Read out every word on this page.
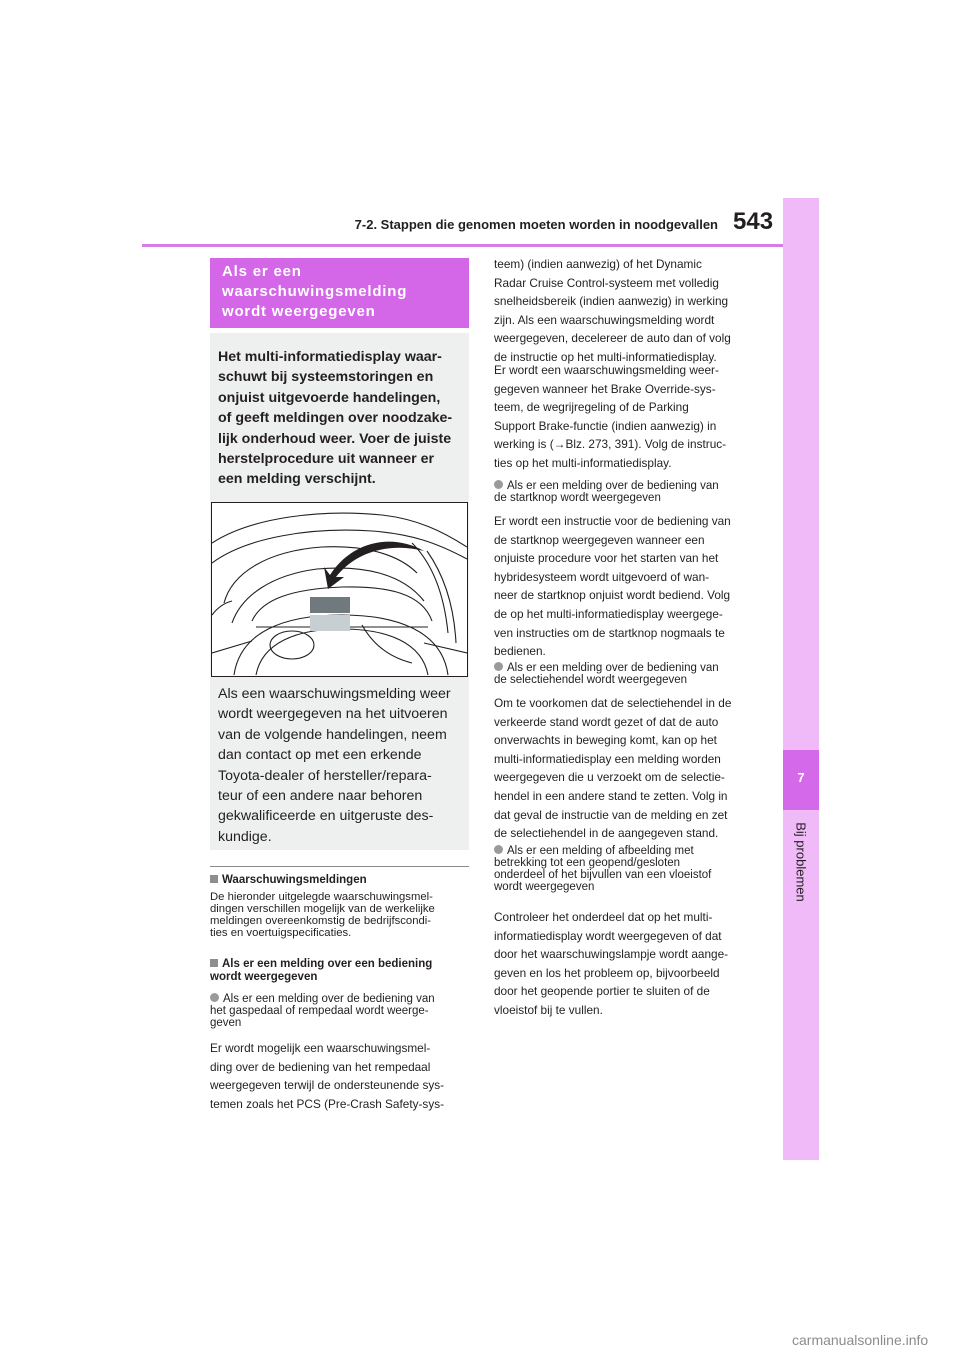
7-2. Stappen die genomen moeten worden in noodgevallen 543
7
Bij problemen
Als er een
waarschuwingsmelding
wordt weergegeven
Het multi-informatiedisplay waar-
schuwt bij systeemstoringen en
onjuist uitgevoerde handelingen,
of geeft meldingen over noodzake-
lijk onderhoud weer. Voer de juiste
herstelprocedure uit wanneer er
een melding verschijnt.
Als een waarschuwingsmelding weer
wordt weergegeven na het uitvoeren
van de volgende handelingen, neem
dan contact op met een erkende
Toyota-dealer of hersteller/repara-
teur of een andere naar behoren
gekwalificeerde en uitgeruste des-
kundige.
Waarschuwingsmeldingen
De hieronder uitgelegde waarschuwingsmel-
dingen verschillen mogelijk van de werkelijke
meldingen overeenkomstig de bedrijfscondi-
ties en voertuigspecificaties.
Als er een melding over een bediening
wordt weergegeven
Als er een melding over de bediening van
het gaspedaal of rempedaal wordt weerge-
geven
Er wordt mogelijk een waarschuwingsmel-
ding over de bediening van het rempedaal
weergegeven terwijl de ondersteunende sys-
temen zoals het PCS (Pre-Crash Safety-sys-
teem) (indien aanwezig) of het Dynamic
Radar Cruise Control-systeem met volledig
snelheidsbereik (indien aanwezig) in werking
zijn. Als een waarschuwingsmelding wordt
weergegeven, decelereer de auto dan of volg
de instructie op het multi-informatiedisplay.
Er wordt een waarschuwingsmelding weer-
gegeven wanneer het Brake Override-sys-
teem, de wegrijregeling of de Parking
Support Brake-functie (indien aanwezig) in
werking is (→Blz. 273, 391). Volg de instruc-
ties op het multi-informatiedisplay.
Als er een melding over de bediening van
de startknop wordt weergegeven
Er wordt een instructie voor de bediening van
de startknop weergegeven wanneer een
onjuiste procedure voor het starten van het
hybridesysteem wordt uitgevoerd of wan-
neer de startknop onjuist wordt bediend. Volg
de op het multi-informatiedisplay weergege-
ven instructies om de startknop nogmaals te
bedienen.
Als er een melding over de bediening van
de selectiehendel wordt weergegeven
Om te voorkomen dat de selectiehendel in de
verkeerde stand wordt gezet of dat de auto
onverwachts in beweging komt, kan op het
multi-informatiedisplay een melding worden
weergegeven die u verzoekt om de selectie-
hendel in een andere stand te zetten. Volg in
dat geval de instructie van de melding en zet
de selectiehendel in de aangegeven stand.
Als er een melding of afbeelding met
betrekking tot een geopend/gesloten
onderdeel of het bijvullen van een vloeistof
wordt weergegeven
Controleer het onderdeel dat op het multi-
informatiedisplay wordt weergegeven of dat
door het waarschuwingslampje wordt aange-
geven en los het probleem op, bijvoorbeeld
door het geopende portier te sluiten of de
vloeistof bij te vullen.
carmanualsonline.info
